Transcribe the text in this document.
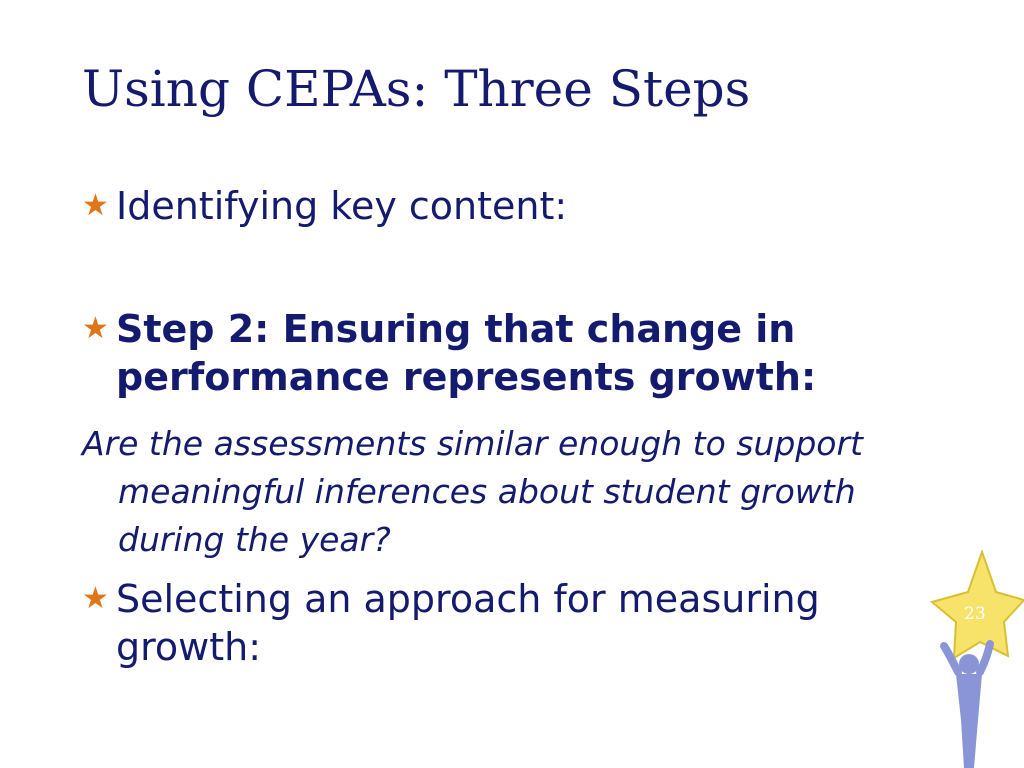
Using CEPAs: Three Steps
★ Identifying key content:
★ Step 2: Ensuring that change in performance represents growth:
Are the assessments similar enough to support meaningful inferences about student growth during the year?
★ Selecting an approach for measuring growth:
23
